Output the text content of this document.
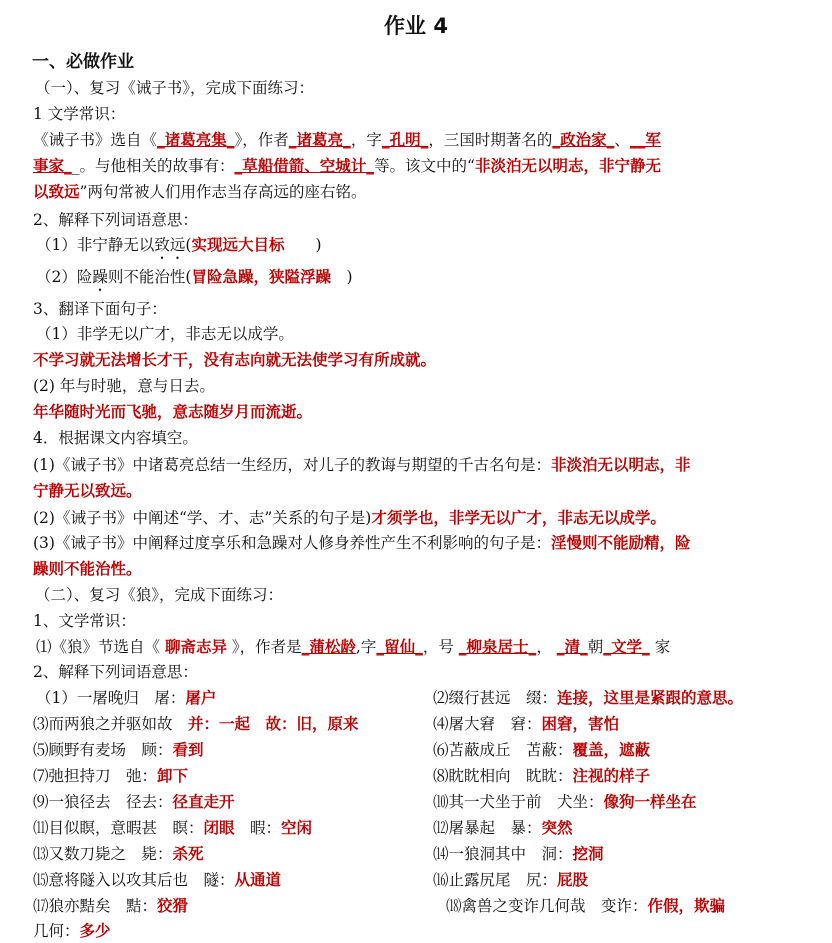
作业 4
一、必做作业
（一）、复习《诫子书》，完成下面练习：
1 文学常识：
《诫子书》选自《_诸葛亮集_》，作者_诸葛亮_，字_孔明_，三国时期著名的_政治家_、__军
事家__。与他相关的故事有：_草船借箭、空城计_等。该文中的“非淡泊无以明志，非宁静无
以致远”两句常被人们用作志当存高远的座右铭。
2、解释下列词语意思：
（1）非宁静无以致远(实现远大目标　　)
（2）险躁则不能治性(冒险急躁，狭隘浮躁　)
3、翻译下面句子：
（1）非学无以广才，非志无以成学。
不学习就无法增长才干，没有志向就无法使学习有所成就。
(2) 年与时驰，意与日去。
年华随时光而飞驰，意志随岁月而流逝。
4．根据课文内容填空。
(1)《诫子书》中诸葛亮总结一生经历，对儿子的教诲与期望的千古名句是：非淡泊无以明志，非
宁静无以致远。
(2)《诫子书》中阐述“学、才、志”关系的句子是)才须学也，非学无以广才，非志无以成学。
(3)《诫子书》中阐释过度享乐和急躁对人修身养性产生不利影响的句子是：淫慢则不能励精，险
躁则不能治性。
（二）、复习《狼》，完成下面练习：
1、文学常识：
⑴《狼》节选自《 聊斋志异 》，作者是_蒲松龄,字_留仙_，号 _柳泉居士_， _清_朝_文学_ 家
2、解释下列词语意思：
（1）一屠晚归　屠：屠户	⑵缀行甚远　缀：连接，这里是紧跟的意思。
⑶而两狼之并驱如故　并：一起　故：旧，原来	⑷屠大窘　窘：困窘，害怕
⑸顾野有麦场　顾：看到	⑹苫蔽成丘　苫蔽：覆盖，遮蔽
⑺弛担持刀　弛：卸下	⑻眈眈相向　眈眈：注视的样子
⑼一狼径去　径去：径直走开	⑽其一犬坐于前　犬坐：像狗一样坐在
⑾目似瞑，意暇甚　瞑：闭眼　暇：空闲	⑿屠暴起　暴：突然
⒀又数刀毙之　毙：杀死	⒁一狼洞其中　洞：挖洞
⒂意将隧入以攻其后也　隧：从通道	⒃止露尻尾　尻：屁股
⒄狼亦黠矣　黠：狡猾	⒅禽兽之变诈几何哉　变诈：作假，欺骗
几何：多少
